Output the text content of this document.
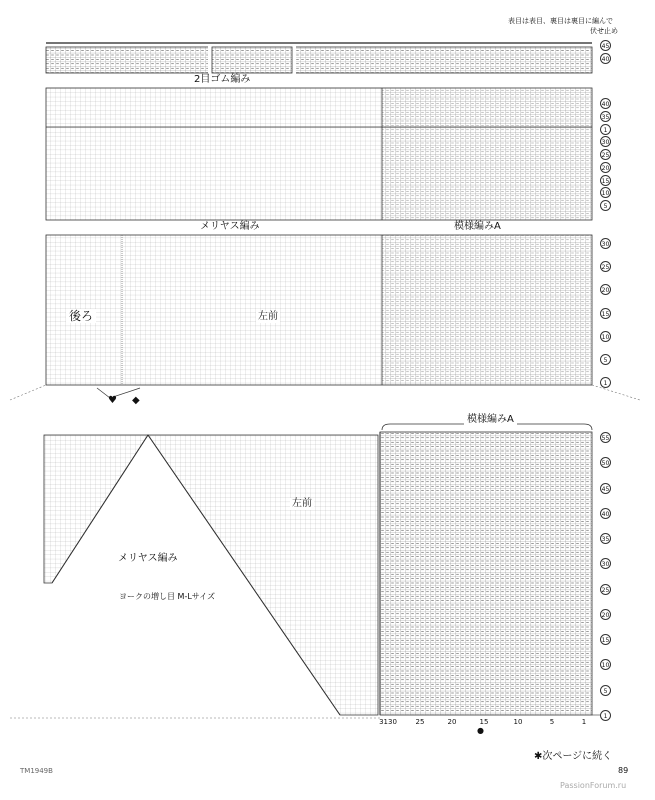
表目は表目、裏目は裏目に編んで
伏せ止め
2目ゴム編み
メリヤス編み	模様編みA
後ろ	左前
模様編みA
左前
メリヤス編み
ヨークの増し目 M-Lサイズ
♥ ◆
40
35
1
30
25
20
15
10
5
45
40
30
25
20
15
10
5
1
55
50
45
40
35
30
25
20
15
10
5
1
3130	25	20	15	10	5	1
●
✱次ページに続く
TM1949B	89
PassionForum.ru
